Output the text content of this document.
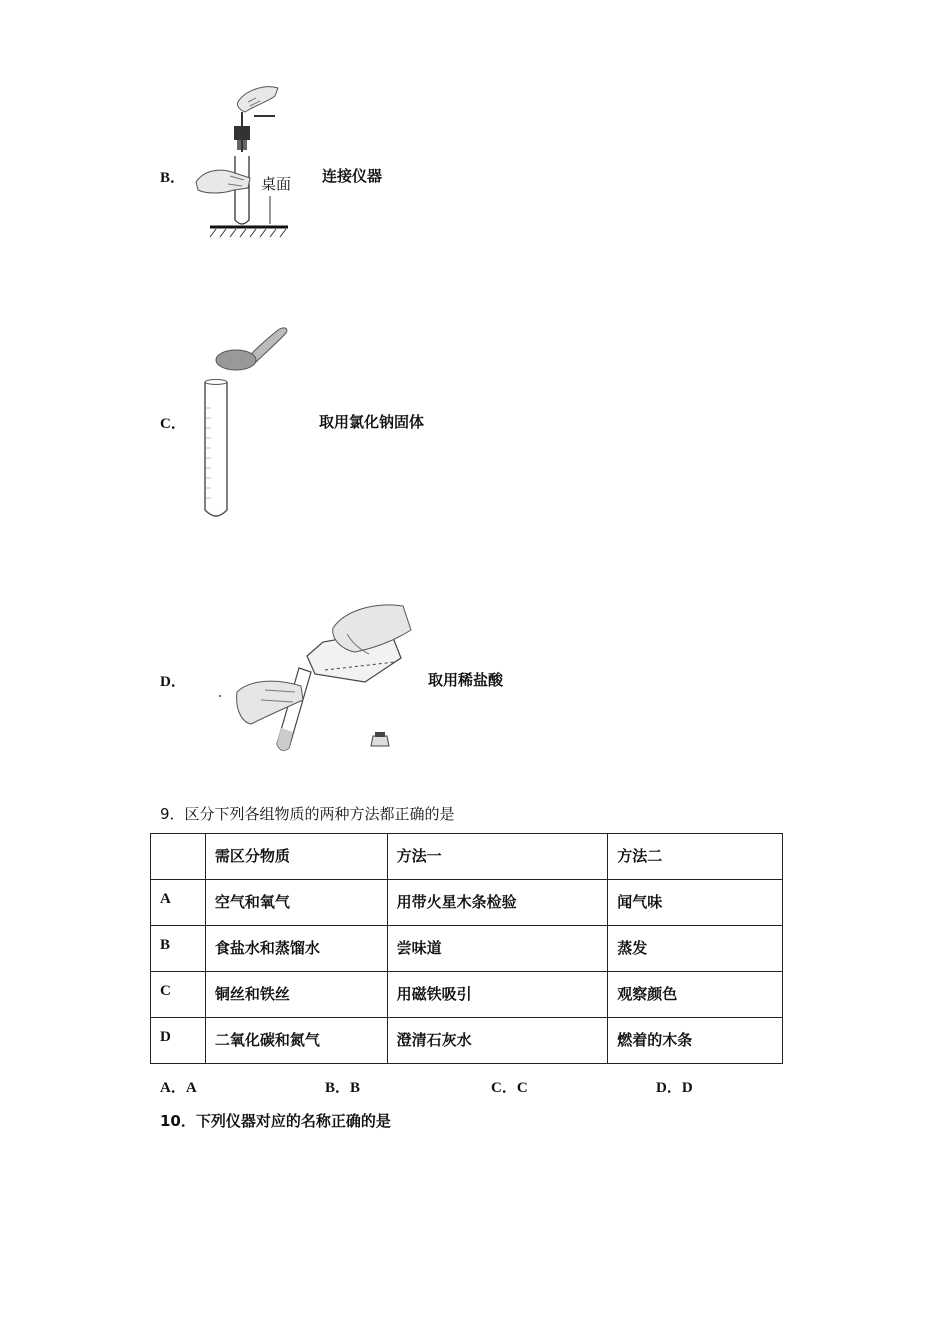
B．	桌面 连接仪器
C．	取用氯化钠固体
D．	取用稀盐酸
9．区分下列各组物质的两种方法都正确的是
	需区分物质	方法一	方法二
A	空气和氧气	用带火星木条检验	闻气味
B	食盐水和蒸馏水	尝味道	蒸发
C	铜丝和铁丝	用磁铁吸引	观察颜色
D	二氧化碳和氮气	澄清石灰水	燃着的木条
A．A	B．B	C．C	D．D
10．下列仪器对应的名称正确的是
